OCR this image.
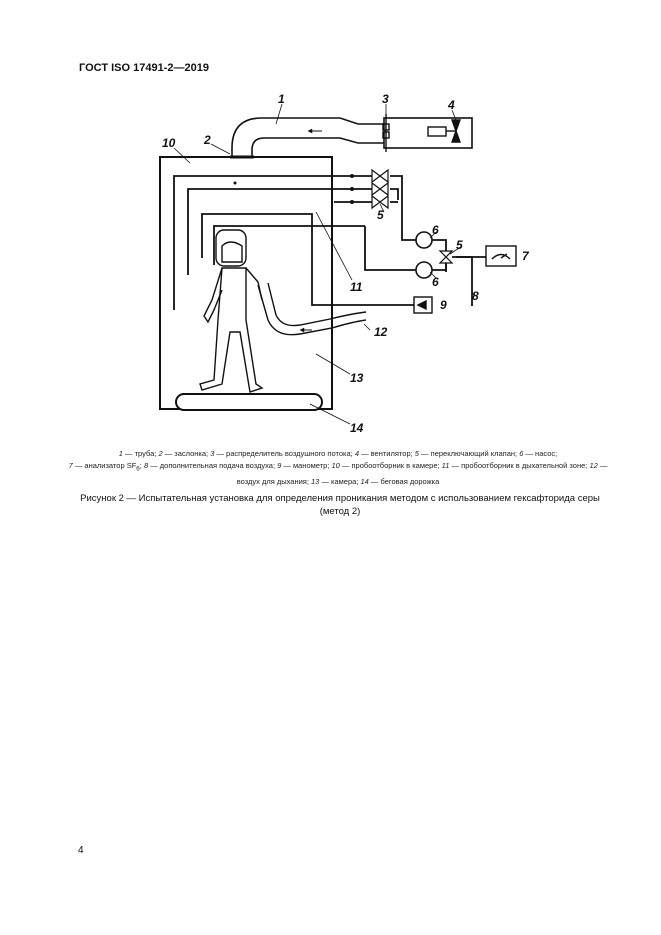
ГОСТ ISO 17491-2—2019
1	3	4
2
10
5
6
5
7
6
11
8
9
12
13
14
1 — труба; 2 — заслонка; 3 — распределитель воздушного потока; 4 — вентилятор; 5 — переключающий клапан; 6 — насос;
7 — анализатор $SF_6$; 8 — дополнительная подача воздуха; 9 — манометр; 10 — пробоотборник в камере; 11 — пробоотборник в дыхательной зоне; 12 — воздух для дыхания; 13 — камера; 14 — беговая дорожка
Рисунок 2 — Испытательная установка для определения проникания методом с использованием гексафторида серы (метод 2)
4
